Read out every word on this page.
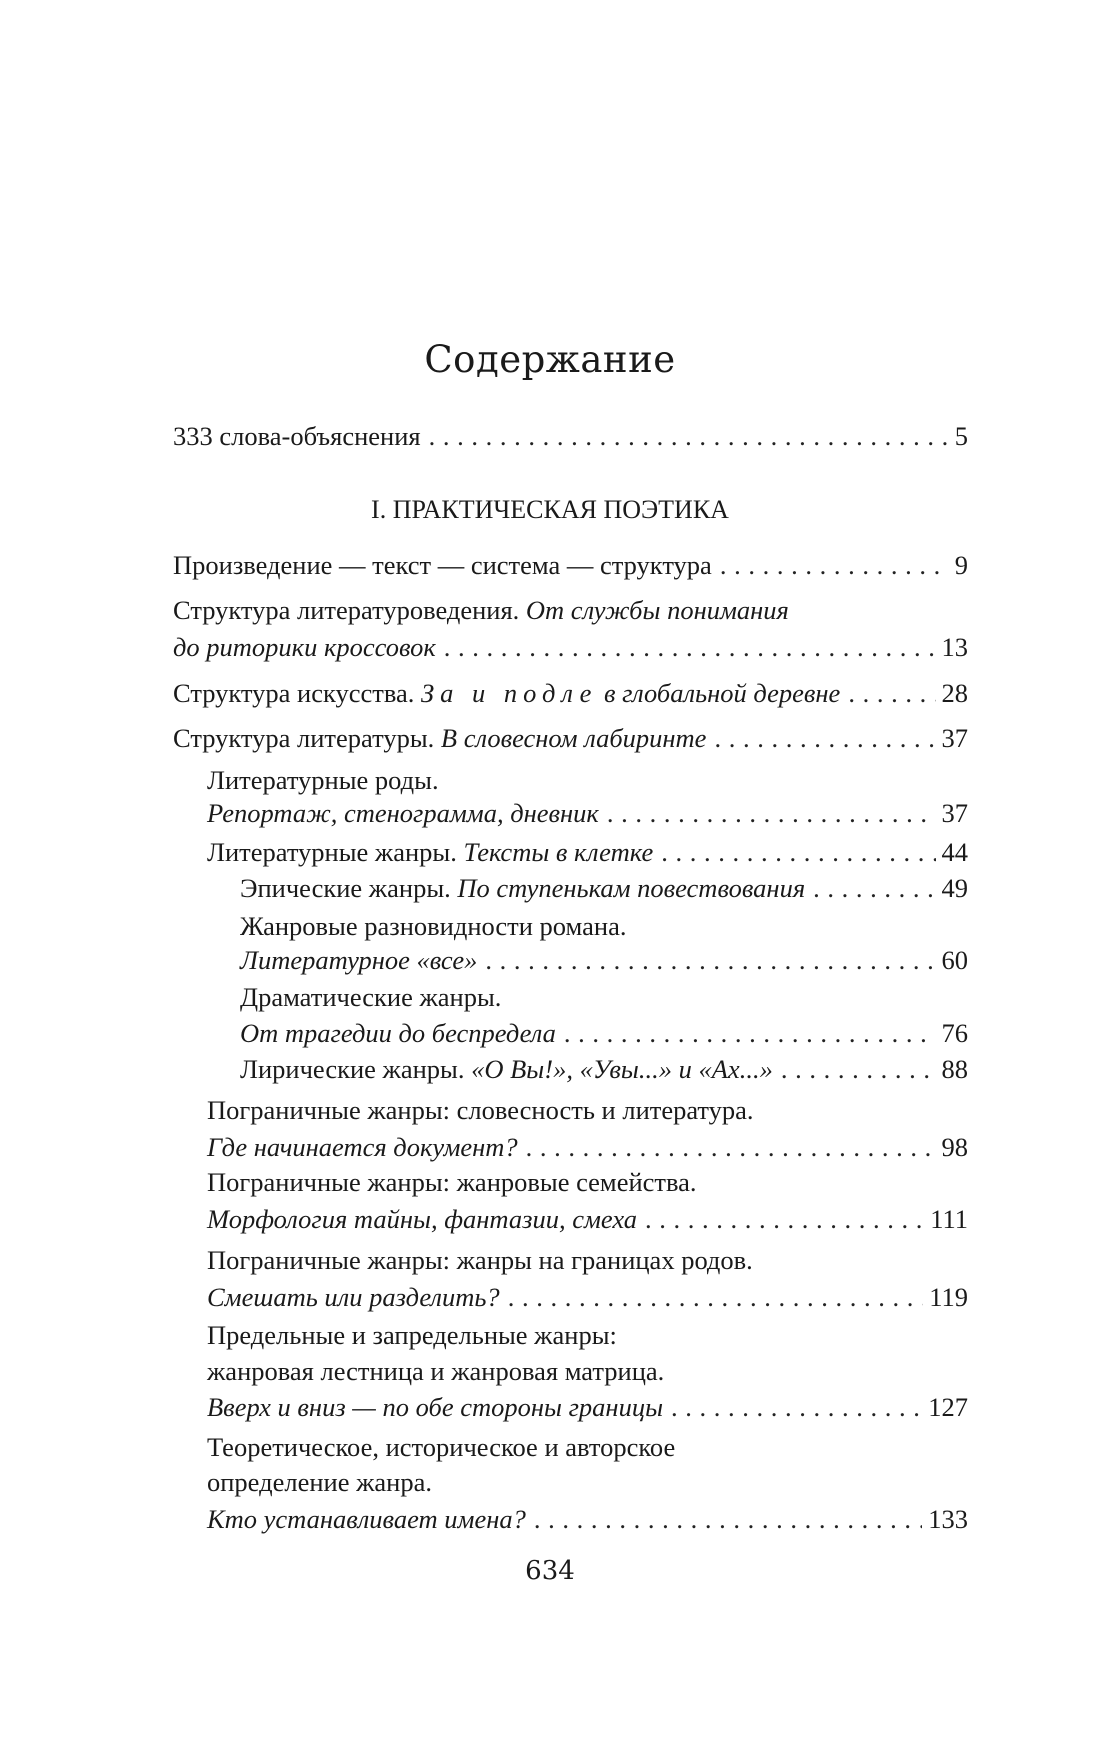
Содержание
333 слова-объяснения . . .	5
I. ПРАКТИЧЕСКАЯ ПОЭТИКА
Произведение — текст — система — структура . . .	9
Структура литературоведения. От службы понимания
до риторики кроссовок . . .	13
Структура искусства. За и подле в глобальной деревне . . .	28
Структура литературы. В словесном лабиринте . . .	37
Литературные роды.
Репортаж, стенограмма, дневник . . .	37
Литературные жанры. Тексты в клетке . . .	44
Эпические жанры. По ступенькам повествования . . .	49
Жанровые разновидности романа.
Литературное «все» . . .	60
Драматические жанры.
От трагедии до беспредела . . .	76
Лирические жанры. «О Вы!», «Увы...» и «Ах...» . . .	88
Пограничные жанры: словесность и литература.
Где начинается документ? . . .	98
Пограничные жанры: жанровые семейства.
Морфология тайны, фантазии, смеха . . .	111
Пограничные жанры: жанры на границах родов.
Смешать или разделить? . . .	119
Предельные и запредельные жанры:
жанровая лестница и жанровая матрица.
Вверх и вниз — по обе стороны границы . . .	127
Теоретическое, историческое и авторское
определение жанра.
Кто устанавливает имена? . . .	133
634
